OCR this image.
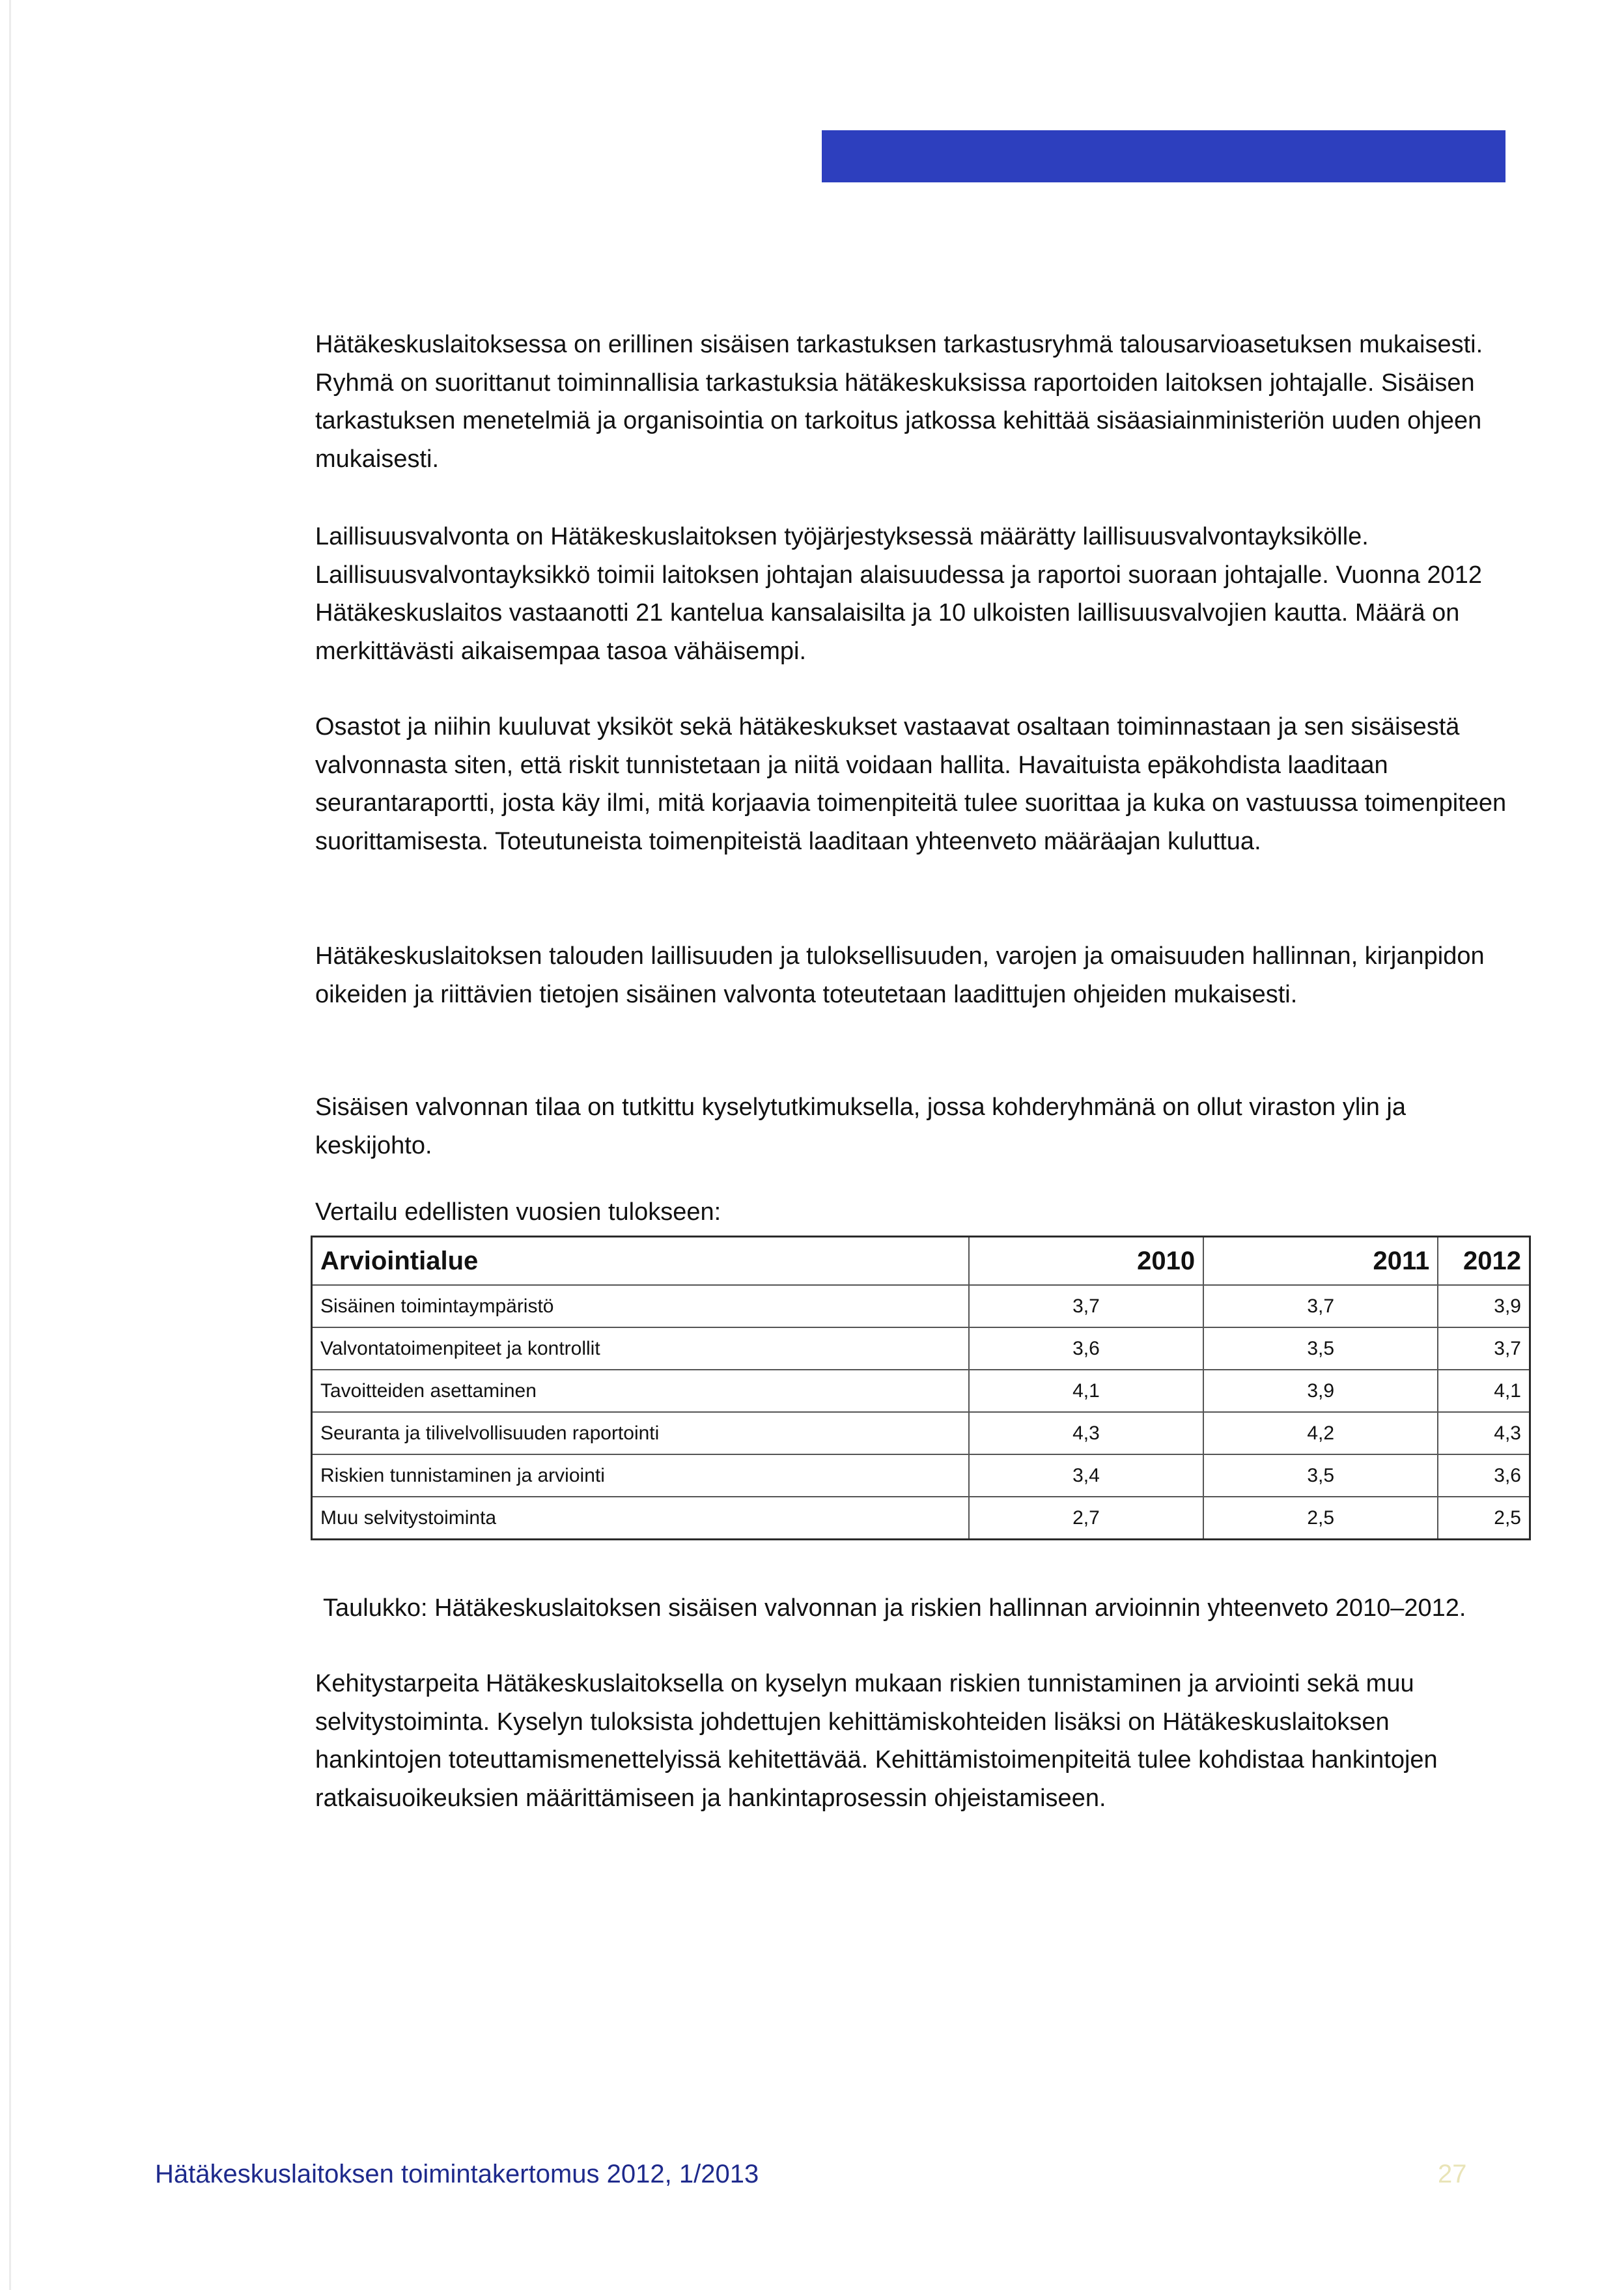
Hätäkeskuslaitoksessa on erillinen sisäisen tarkastuksen tarkastusryhmä talousarvioasetuksen mukaisesti. Ryhmä on suorittanut toiminnallisia tarkastuksia hätäkeskuksissa raportoiden laitoksen johtajalle. Sisäisen tarkastuksen menetelmiä ja organisointia on tarkoitus jatkossa kehittää sisäasiainministeriön uuden ohjeen mukaisesti.

Laillisuusvalvonta on Hätäkeskuslaitoksen työjärjestyksessä määrätty laillisuusvalvontayksikölle. Laillisuusvalvontayksikkö toimii laitoksen johtajan alaisuudessa ja raportoi suoraan johtajalle. Vuonna 2012 Hätäkeskuslaitos vastaanotti 21 kantelua kansalaisilta ja 10 ulkoisten laillisuusvalvojien kautta. Määrä on merkittävästi aikaisempaa tasoa vähäisempi.

Osastot ja niihin kuuluvat yksiköt sekä hätäkeskukset vastaavat osaltaan toiminnastaan ja sen sisäisestä valvonnasta siten, että riskit tunnistetaan ja niitä voidaan hallita. Havaituista epäkohdista laaditaan seurantaraportti, josta käy ilmi, mitä korjaavia toimenpiteitä tulee suorittaa ja kuka on vastuussa toimenpiteen suorittamisesta. Toteutuneista toimenpiteistä laaditaan yhteenveto määräajan kuluttua.

Hätäkeskuslaitoksen talouden laillisuuden ja tuloksellisuuden, varojen ja omaisuuden hallinnan, kirjanpidon oikeiden ja riittävien tietojen sisäinen valvonta toteutetaan laadittujen ohjeiden mukaisesti.

Sisäisen valvonnan tilaa on tutkittu kyselytutkimuksella, jossa kohderyhmänä on ollut viraston ylin ja keskijohto.

Vertailu edellisten vuosien tulokseen:

Arviointialue	2010	2011	2012
Sisäinen toimintaympäristö	3,7	3,7	3,9
Valvontatoimenpiteet ja kontrollit	3,6	3,5	3,7
Tavoitteiden asettaminen	4,1	3,9	4,1
Seuranta ja tilivelvollisuuden raportointi	4,3	4,2	4,3
Riskien tunnistaminen ja arviointi	3,4	3,5	3,6
Muu selvitystoiminta	2,7	2,5	2,5

Taulukko: Hätäkeskuslaitoksen sisäisen valvonnan ja riskien hallinnan arvioinnin yhteenveto 2010–2012.

Kehitystarpeita Hätäkeskuslaitoksella on kyselyn mukaan riskien tunnistaminen ja arviointi sekä muu selvitystoiminta. Kyselyn tuloksista johdettujen kehittämiskohteiden lisäksi on Hätäkeskuslaitoksen hankintojen toteuttamismenettelyissä kehitettävää. Kehittämistoimenpiteitä tulee kohdistaa hankintojen ratkaisuoikeuksien määrittämiseen ja hankintaprosessin ohjeistamiseen.

Hätäkeskuslaitoksen toimintakertomus 2012, 1/2013	27
